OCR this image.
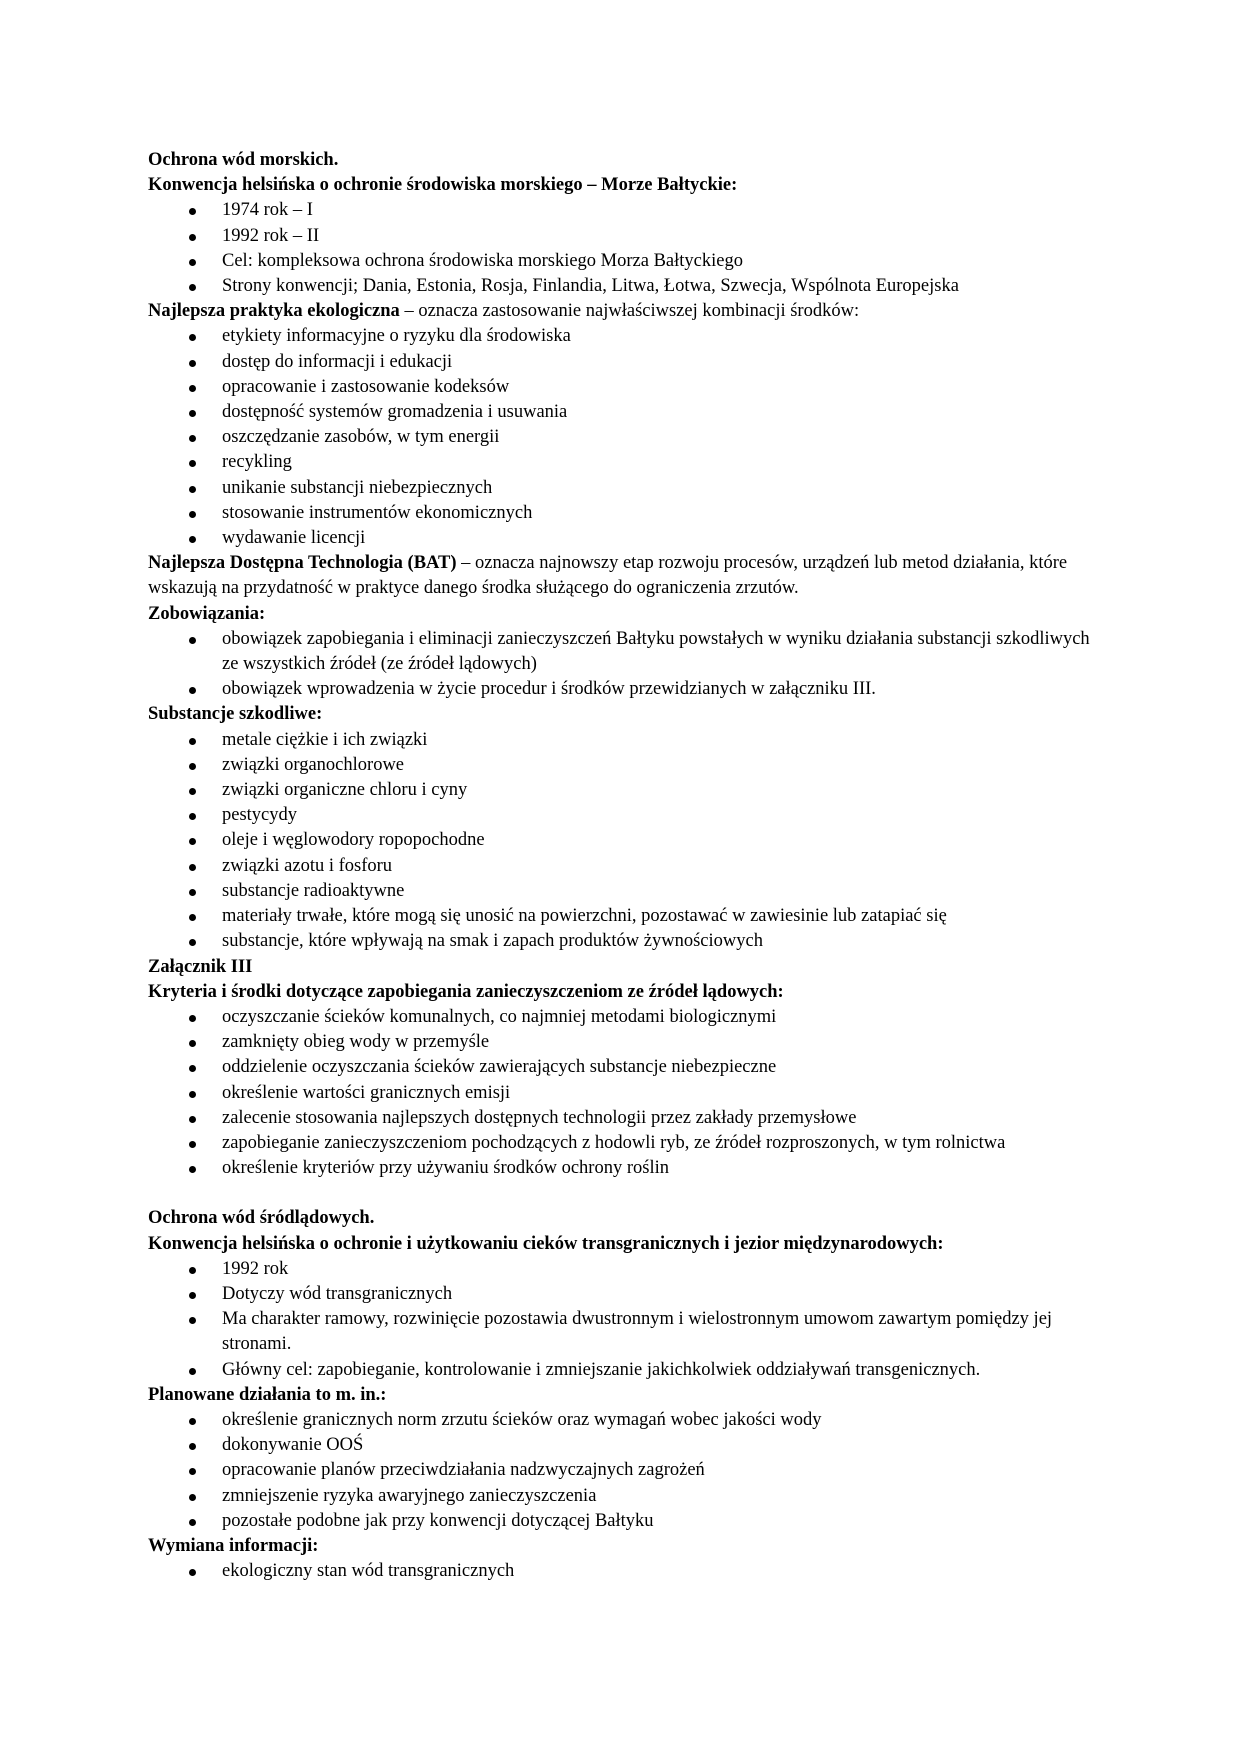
Ochrona wód morskich.
Konwencja helsińska o ochronie środowiska morskiego – Morze Bałtyckie:
1974 rok – I
1992 rok – II
Cel: kompleksowa ochrona środowiska morskiego Morza Bałtyckiego
Strony konwencji; Dania, Estonia, Rosja, Finlandia, Litwa, Łotwa, Szwecja, Wspólnota Europejska
Najlepsza praktyka ekologiczna – oznacza zastosowanie najwłaściwszej kombinacji środków:
etykiety informacyjne o ryzyku dla środowiska
dostęp do informacji i edukacji
opracowanie i zastosowanie kodeksów
dostępność systemów gromadzenia i usuwania
oszczędzanie zasobów, w tym energii
recykling
unikanie substancji niebezpiecznych
stosowanie instrumentów ekonomicznych
wydawanie licencji
Najlepsza Dostępna Technologia (BAT) – oznacza najnowszy etap rozwoju procesów, urządzeń lub metod działania, które wskazują na przydatność w praktyce danego środka służącego do ograniczenia zrzutów.
Zobowiązania:
obowiązek zapobiegania i eliminacji zanieczyszczeń Bałtyku powstałych w wyniku działania substancji szkodliwych ze wszystkich źródeł (ze źródeł lądowych)
obowiązek wprowadzenia w życie procedur i środków przewidzianych w załączniku III.
Substancje szkodliwe:
metale ciężkie i ich związki
związki organochlorowe
związki organiczne chloru i cyny
pestycydy
oleje i węglowodory ropopochodne
związki azotu i fosforu
substancje radioaktywne
materiały trwałe, które mogą się unosić na powierzchni, pozostawać w zawiesinie lub zatapiać się
substancje, które wpływają na smak i zapach produktów żywnościowych
Załącznik III
Kryteria i środki dotyczące zapobiegania zanieczyszczeniom ze źródeł lądowych:
oczyszczanie ścieków komunalnych, co najmniej metodami biologicznymi
zamknięty obieg wody w przemyśle
oddzielenie oczyszczania ścieków zawierających substancje niebezpieczne
określenie wartości granicznych emisji
zalecenie stosowania najlepszych dostępnych technologii przez zakłady przemysłowe
zapobieganie zanieczyszczeniom pochodzących z hodowli ryb, ze źródeł rozproszonych, w tym rolnictwa
określenie kryteriów przy używaniu środków ochrony roślin
Ochrona wód śródlądowych.
Konwencja helsińska o ochronie i użytkowaniu cieków transgranicznych i jezior międzynarodowych:
1992 rok
Dotyczy wód transgranicznych
Ma charakter ramowy, rozwinięcie pozostawia dwustronnym i wielostronnym umowom zawartym pomiędzy jej stronami.
Główny cel: zapobieganie, kontrolowanie i zmniejszanie jakichkolwiek oddziaływań transgenicznych.
Planowane działania to m. in.:
określenie granicznych norm zrzutu ścieków oraz wymagań wobec jakości wody
dokonywanie OOŚ
opracowanie planów przeciwdziałania nadzwyczajnych zagrożeń
zmniejszenie ryzyka awaryjnego zanieczyszczenia
pozostałe podobne jak przy konwencji dotyczącej Bałtyku
Wymiana informacji:
ekologiczny stan wód transgranicznych
